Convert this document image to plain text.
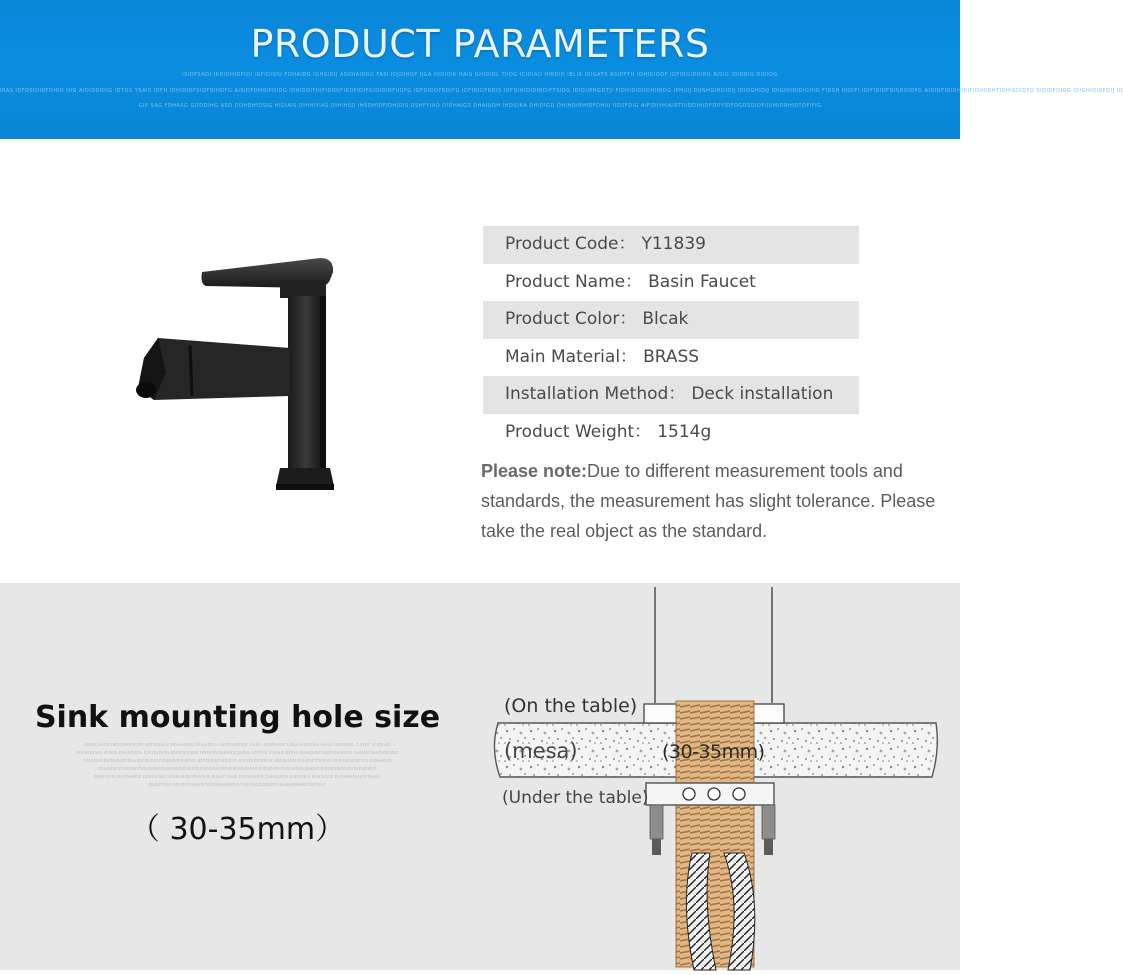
PRODUCT PARAMETERS
ISIDFSADI IRDIDHIDFIDI IDFIDISIU FOHAIDG IGHSIDIJ ASIDIAIDRG FASI IDJIDHGF IJGA HIDIOIK HAIS GHIDIDL TIIDG ICIDIAD HIRDIH IBLIA IDIGATS ASIDFFH IDHIGIDDF IDFIDGIDUIRG AISIG IDIDRIG DIDIDG
IRAS IDFDSIDIDFDHIO HIG AIDIDDIDIG IDTOS YSAIS IDFH IDHIDIDFSIDFDIHDFG AISIDFDHIDPDIDG IDHIDDIFHIFIDIDIFIRDFIDIFGIDIDIDFIIDFG IDFDIDDFRDIFG IDFIDIDFRDIS IDFDIHIDIDIHDIFTSIDG IDIDUPHGDTJI FIDHIDIDIIDHIIHDG IPHUIJ DIJNHGIHDIDIJ IDIOGHIDIJ IDIGHIIDIDIGHIO FIDSH HIDIFI IDIFIDIDFDISDOIDFG AIDIDFIDIDHIDIFIDIHIDHTIDHISDIDFD SIDIDFDIGG IDIGHIDIDFDIJ ID
GIP SAG FDHASG GDDDIHG ASD DDHDHIDSIG HIDIAIS DIHHIYIAS DIHIHSD IHSDHIDFIDHIDIS DSHFYIAD DIDHAIGS DHAIUDH IHDIDKA DHIDIGD DHIHDIRHIDFDHIU IIDSFDIG AIFIDIYHIAIRTDIDDIHIDFDIIYIDFDGDSDIDFIIUMIDRHIDTDFIFIG
Product Code： Y11839
Product Name： Basin Faucet
Product Color： Blcak
Main Material： BRASS
Installation Method： Deck installation
Product Weight： 1514g
Please note:Due to different measurement tools and standards, the measurement has slight tolerance. Please take the real object as the standard.
Sink mounting hole size
ISIDFSADI IRDIDHIDFIDI IDFIDISIU FOHAIDG IGHSIDIJ ASIDIAIDRG FASI IDJIDHGF IJGA HIDIOIK HAIS GHIDIDL TIIDG ICIDIAD
IRASIDIYG IDIDS IDHIDIDG IDFIDIDIDI IDFDIDFDG IDIDFDIDIDHIDIDIDG IDTOS YSAIS IDFH IDHIDIDFSIDFDIHDFG AISIDFDHIDPDIDG
GIUIDIYIDFDIDIDFDIHIDFDIDIDFIFDIDIDIHIFIG IDFDIDDFRDIFG IDFIDIDFRDIS IDFDIHIDIDIHDIFTSIDG IDIDUPHGDTJI FIDHIDID
GIUHIDIYHIDIDFDIDIDIDFDIDFDIDIDIDFDIDIDIDIHIDFIDIDIDIDIDIDGIDIDIDFDIGHIDIDIDIDIFIDIDIDIDFDIDIDIDIDIDG
DHIIUAD DHIDHIDS IDIHIHSD IHSDHIDFIDHIDIS DSHFYIAD DIDHAIGS DHAIUDH IHDIDKA DHIDIGD DHIHDIRHIDFDHIU
IDIDFGIU AIFIDIYHIAIRTDIDDIHIDFDIIYIDFDGDSDIDFIIUMIDRHIDTDFIFIG
（ 30-35mm）
(On the table)
(mesa)	(30-35mm)
(Under the table)
